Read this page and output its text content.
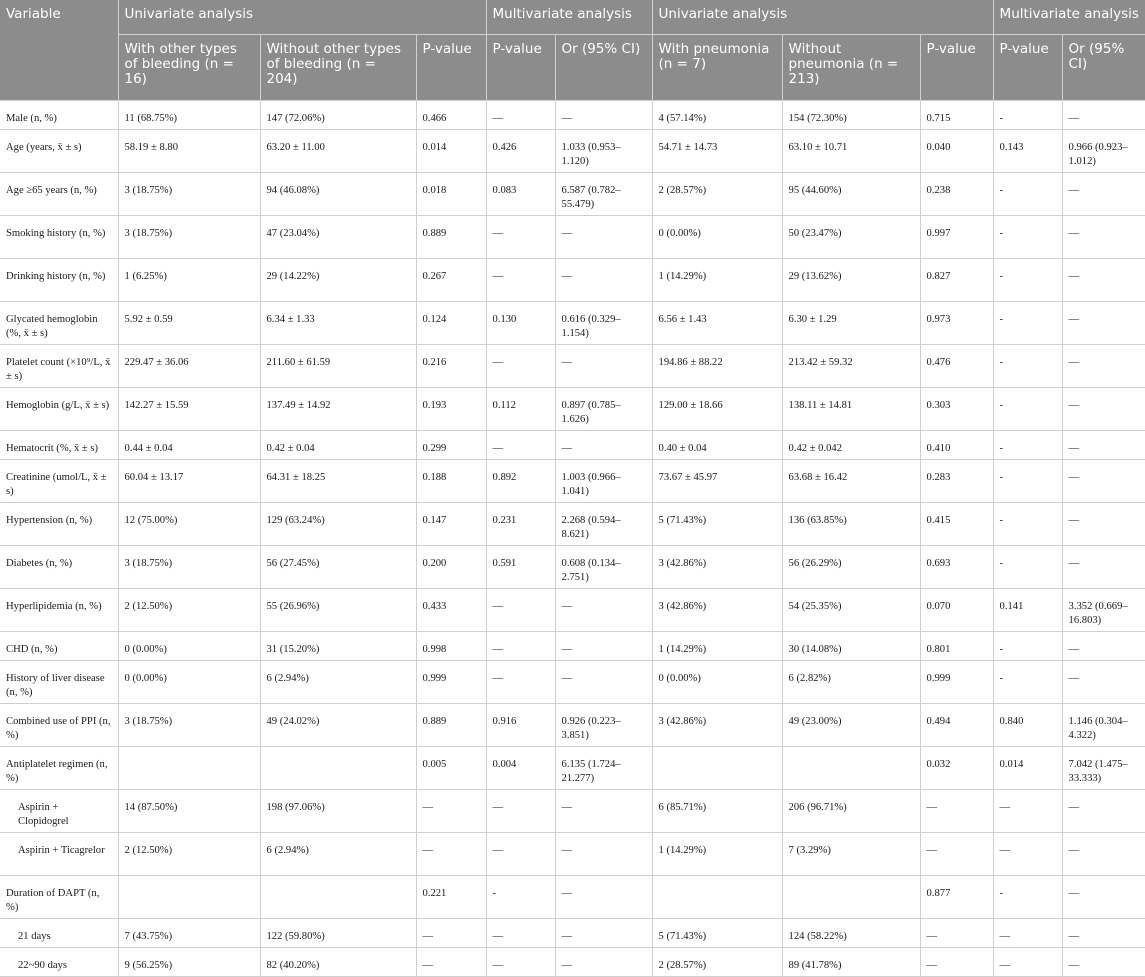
Variable	Univariate analysis			Multivariate analysis		Univariate analysis			Multivariate analysis	
	With other types of bleeding (n = 16)	Without other types of bleeding (n = 204)	P-value	P-value	Or (95% CI)	With pneumonia (n = 7)	Without pneumonia (n = 213)	P-value	P-value	Or (95% CI)
Male (n, %)	11 (68.75%)	147 (72.06%)	0.466	—	—	4 (57.14%)	154 (72.30%)	0.715	-	—
Age (years, x̄ ± s)	58.19 ± 8.80	63.20 ± 11.00	0.014	0.426	1.033 (0.953–1.120)	54.71 ± 14.73	63.10 ± 10.71	0.040	0.143	0.966 (0.923–1.012)
Age ≥65 years (n, %)	3 (18.75%)	94 (46.08%)	0.018	0.083	6.587 (0.782–55.479)	2 (28.57%)	95 (44.60%)	0.238	-	—
Smoking history (n, %)	3 (18.75%)	47 (23.04%)	0.889	—	—	0 (0.00%)	50 (23.47%)	0.997	-	—
Drinking history (n, %)	1 (6.25%)	29 (14.22%)	0.267	—	—	1 (14.29%)	29 (13.62%)	0.827	-	—
Glycated hemoglobin (%, x̄ ± s)	5.92 ± 0.59	6.34 ± 1.33	0.124	0.130	0.616 (0.329–1.154)	6.56 ± 1.43	6.30 ± 1.29	0.973	-	—
Platelet count (×10⁹/L, x̄ ± s)	229.47 ± 36.06	211.60 ± 61.59	0.216	—	—	194.86 ± 88.22	213.42 ± 59.32	0.476	-	—
Hemoglobin (g/L, x̄ ± s)	142.27 ± 15.59	137.49 ± 14.92	0.193	0.112	0.897 (0.785–1.626)	129.00 ± 18.66	138.11 ± 14.81	0.303	-	—
Hematocrit (%, x̄ ± s)	0.44 ± 0.04	0.42 ± 0.04	0.299	—	—	0.40 ± 0.04	0.42 ± 0.042	0.410	-	—
Creatinine (umol/L, x̄ ± s)	60.04 ± 13.17	64.31 ± 18.25	0.188	0.892	1.003 (0.966–1.041)	73.67 ± 45.97	63.68 ± 16.42	0.283	-	—
Hypertension (n, %)	12 (75.00%)	129 (63.24%)	0.147	0.231	2.268 (0.594–8.621)	5 (71.43%)	136 (63.85%)	0.415	-	—
Diabetes (n, %)	3 (18.75%)	56 (27.45%)	0.200	0.591	0.608 (0.134–2.751)	3 (42.86%)	56 (26.29%)	0.693	-	—
Hyperlipidemia (n, %)	2 (12.50%)	55 (26.96%)	0.433	—	—	3 (42.86%)	54 (25.35%)	0.070	0.141	3.352 (0.669–16.803)
CHD (n, %)	0 (0.00%)	31 (15.20%)	0.998	—	—	1 (14.29%)	30 (14.08%)	0.801	-	—
History of liver disease (n, %)	0 (0.00%)	6 (2.94%)	0.999	—	—	0 (0.00%)	6 (2.82%)	0.999	-	—
Combined use of PPI (n, %)	3 (18.75%)	49 (24.02%)	0.889	0.916	0.926 (0.223–3.851)	3 (42.86%)	49 (23.00%)	0.494	0.840	1.146 (0.304–4.322)
Antiplatelet regimen (n, %)			0.005	0.004	6.135 (1.724–21.277)			0.032	0.014	7.042 (1.475–33.333)
Aspirin + Clopidogrel	14 (87.50%)	198 (97.06%)	—	—	—	6 (85.71%)	206 (96.71%)	—	—	—
Aspirin + Ticagrelor	2 (12.50%)	6 (2.94%)	—	—	—	1 (14.29%)	7 (3.29%)	—	—	—
Duration of DAPT (n, %)			0.221	-	—			0.877	-	—
21 days	7 (43.75%)	122 (59.80%)	—	—	—	5 (71.43%)	124 (58.22%)	—	—	—
22~90 days	9 (56.25%)	82 (40.20%)	—	—	—	2 (28.57%)	89 (41.78%)	—	—	—
